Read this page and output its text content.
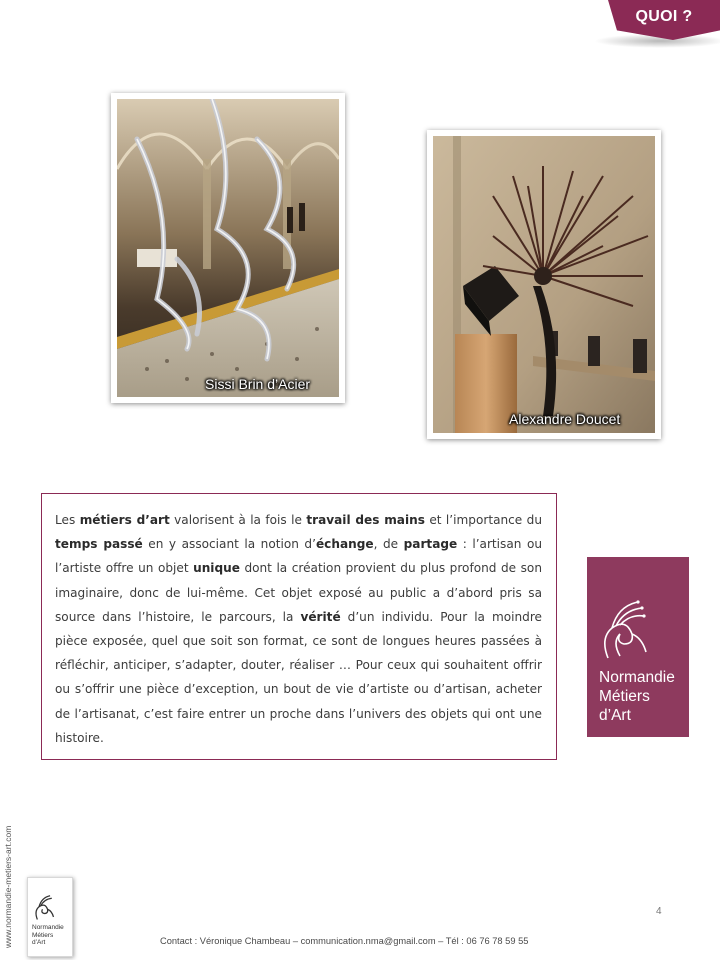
QUOI ?
Sissi Brin d’Acier
Alexandre Doucet
Les métiers d’art valorisent à la fois le travail des mains et l’importance du temps passé en y associant la notion d’échange, de partage : l’artisan ou l’artiste offre un objet unique dont la création provient du plus profond de son imaginaire, donc de lui-même. Cet objet exposé au public a d’abord pris sa source dans l’histoire, le parcours, la vérité d’un individu. Pour la moindre pièce exposée, quel que soit son format, ce sont de longues heures passées à réfléchir, anticiper, s’adapter, douter, réaliser … Pour ceux qui souhaitent offrir ou s’offrir une pièce d’exception, un bout de vie d’artiste ou d’artisan, acheter de l’artisanat, c’est faire entrer un proche dans l’univers des objets qui ont une histoire.
Normandie
Métiers
d’Art
www.normandie-metiers-art.com	Normandie
Métiers
d’Art
4
Contact : Véronique Chambeau – communication.nma@gmail.com – Tél : 06 76 78 59 55
